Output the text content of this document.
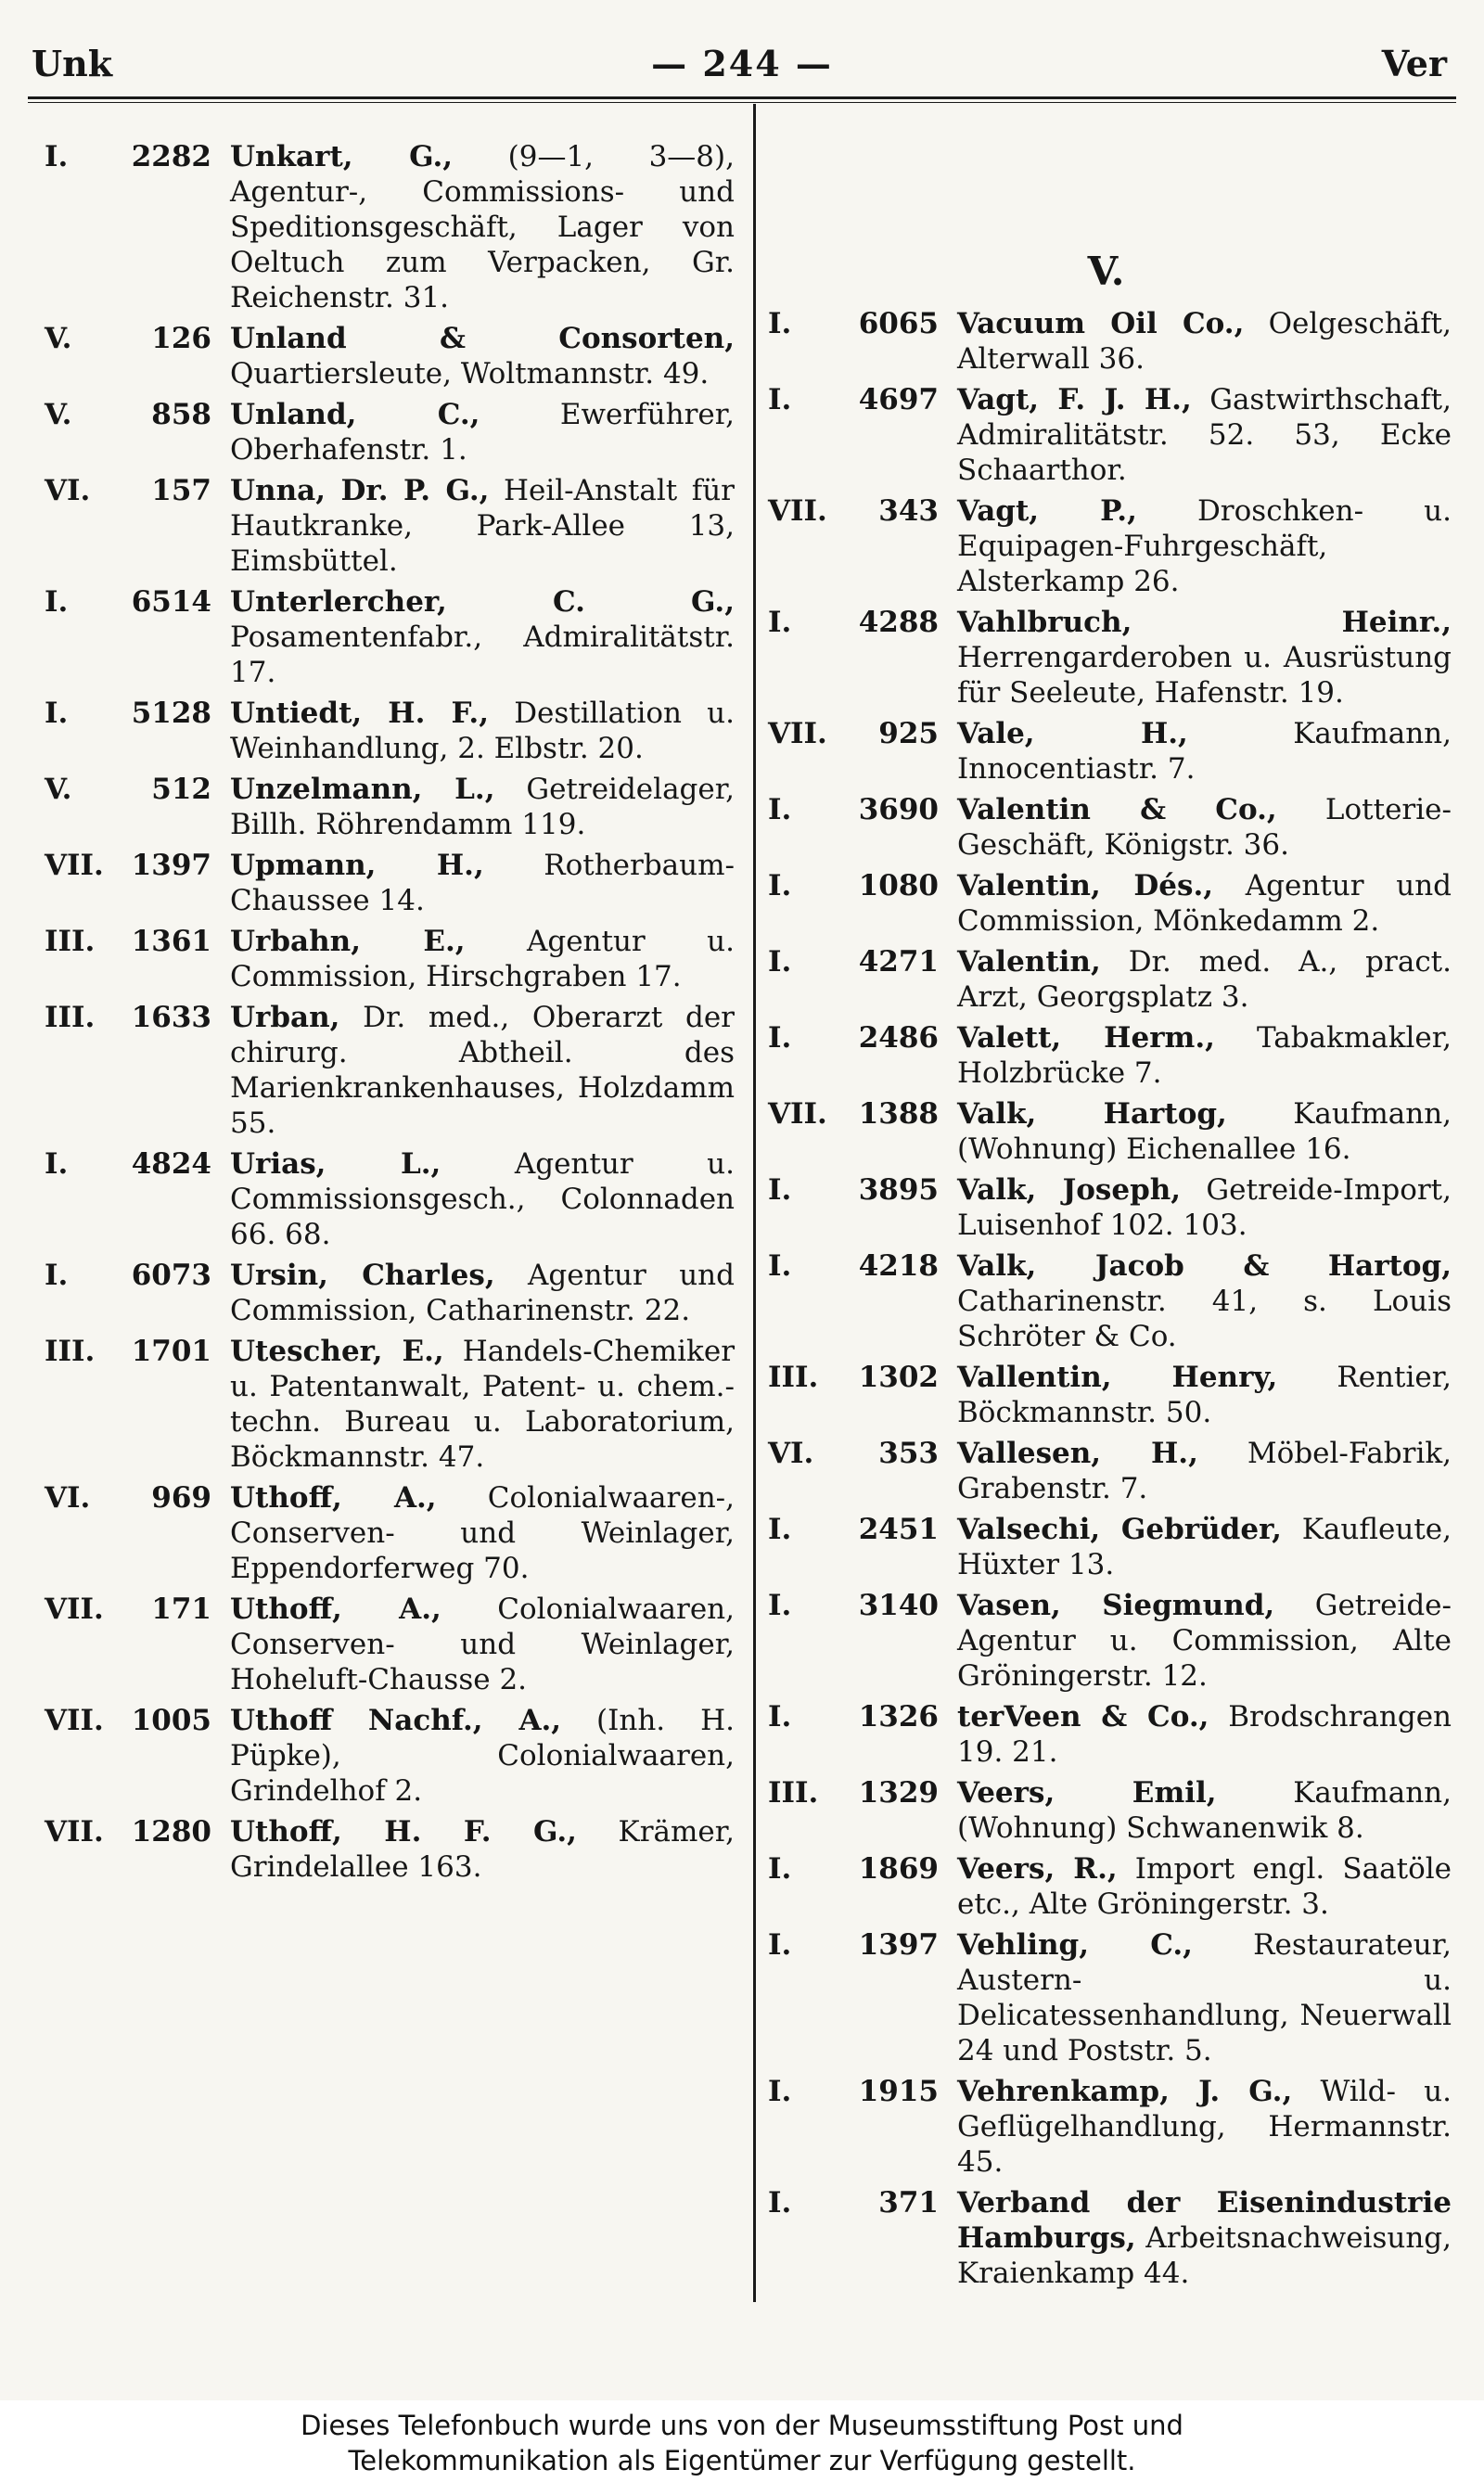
Unk	— 244 —	Ver
I. 2282 Unkart, G., (9—1, 3—8), Agentur-, Commissions- und Speditionsgeschäft, Lager von Oeltuch zum Verpacken, Gr. Reichenstr. 31.
V.	126 Unland & Consorten, Quartiersleute, Woltmannstr. 49.
V.	858 Unland, C.,	Ewerführer, Oberhafenstr. 1.
VI. 157 Unna, Dr. P. G., Heil-Anstalt für Hautkranke, Park-Allee 13, Eimsbüttel.
I. 6514 Unterlercher, C. G., Posamentenfabr., Admiralitätstr. 17.
I. 5128 Untiedt, H. F., Destillation u. Weinhandlung, 2. Elbstr. 20.
V.	512 Unzelmann, L., Getreidelager, Billh. Röhrendamm 119.
VII. 1397 Upmann, H., Rotherbaum-Chaussee 14.
III. 1361 Urbahn, E., Agentur u. Commission, Hirschgraben 17.
III. 1633 Urban, Dr. med., Oberarzt der chirurg. Abtheil. des Marienkrankenhauses, Holzdamm 55.
I. 4824 Urias, L.,	Agentur u. Commissionsgesch., Colonnaden 66. 68.
I. 6073 Ursin, Charles, Agentur und Commission, Catharinenstr. 22.
III. 1701 Utescher, E., Handels-Chemiker u. Patentanwalt, Patent- u. chem.-techn. Bureau u. Laboratorium, Böckmannstr. 47.
VI. 969 Uthoff, A., Colonialwaaren-, Conserven- und Weinlager, Eppendorferweg 70.
VII. 171 Uthoff, A., Colonialwaaren, Conserven- und Weinlager, Hoheluft-Chausse 2.
VII. 1005 Uthoff Nachf., A., (Inh. H. Püpke), Colonialwaaren, Grindelhof 2.
VII. 1280 Uthoff, H. F. G., Krämer, Grindelallee 163.
V.
I. 6065 Vacuum Oil Co., Oelgeschäft, Alterwall 36.
I. 4697 Vagt, F. J. H., Gastwirthschaft, Admiralitätstr. 52. 53, Ecke Schaarthor.
VII. 343 Vagt, P., Droschken- u. Equipagen-Fuhrgeschäft, Alsterkamp 26.
I. 4288 Vahlbruch, Heinr., Herrengarderoben u. Ausrüstung für Seeleute, Hafenstr. 19.
VII. 925 Vale, H.,	Kaufmann, Innocentiastr. 7.
I. 3690 Valentin & Co., Lotterie-Geschäft, Königstr. 36.
I. 1080 Valentin, Dés., Agentur und Commission, Mönkedamm 2.
I. 4271 Valentin, Dr. med. A., pract. Arzt, Georgsplatz 3.
I. 2486 Valett, Herm., Tabakmakler, Holzbrücke 7.
VII. 1388 Valk, Hartog, Kaufmann, (Wohnung) Eichenallee 16.
I. 3895 Valk, Joseph, Getreide-Import, Luisenhof 102. 103.
I. 4218 Valk, Jacob & Hartog, Catharinenstr. 41, s. Louis Schröter & Co.
III. 1302 Vallentin, Henry, Rentier, Böckmannstr. 50.
VI. 353 Vallesen, H., Möbel-Fabrik, Grabenstr. 7.
I. 2451 Valsechi, Gebrüder, Kaufleute, Hüxter 13.
I. 3140 Vasen, Siegmund, Getreide-Agentur u. Commission, Alte Gröningerstr. 12.
I. 1326 terVeen & Co., Brodschrangen 19. 21.
III. 1329 Veers, Emil,	Kaufmann, (Wohnung) Schwanenwik 8.
I. 1869 Veers, R., Import engl. Saatöle etc., Alte Gröningerstr. 3.
I. 1397 Vehling, C., Restaurateur, Austern- u. Delicatessenhandlung, Neuerwall 24 und Poststr. 5.
I. 1915 Vehrenkamp, J. G., Wild- u. Geflügelhandlung, Hermannstr. 45.
I.	371 Verband der Eisenindustrie Hamburgs, Arbeitsnachweisung, Kraienkamp 44.
Dieses Telefonbuch wurde uns von der Museumsstiftung Post und
Telekommunikation als Eigentümer zur Verfügung gestellt.
